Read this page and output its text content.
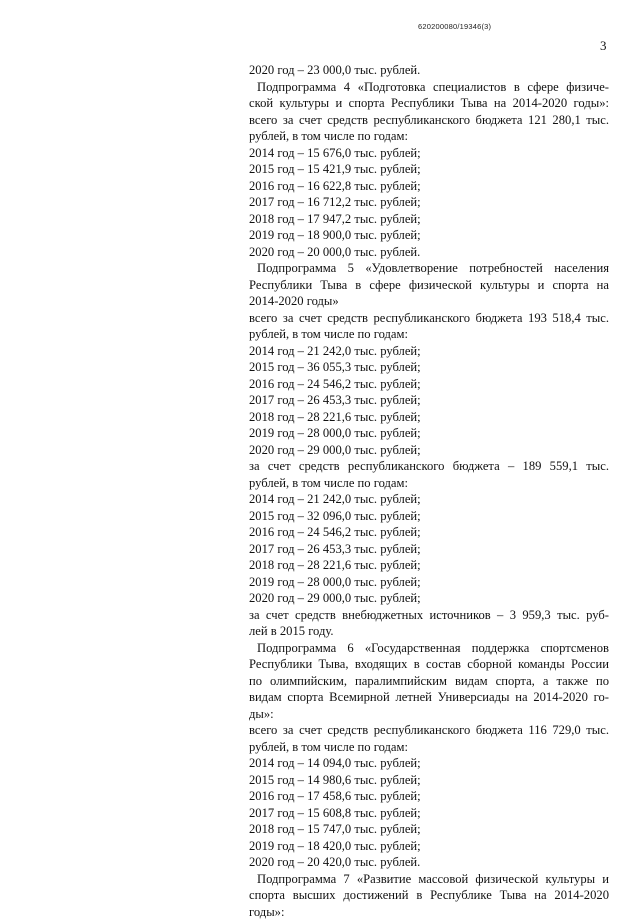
620200080/19346(3)
3
2020 год – 23 000,0 тыс. рублей.
Подпрограмма 4 «Подготовка специалистов в сфере физиче-
ской культуры и спорта Республики Тыва на 2014-2020 годы»:
всего за счет средств республиканского бюджета 121 280,1 тыс.
рублей, в том числе по годам:
2014 год – 15 676,0 тыс. рублей;
2015 год – 15 421,9 тыс. рублей;
2016 год – 16 622,8 тыс. рублей;
2017 год – 16 712,2 тыс. рублей;
2018 год – 17 947,2 тыс. рублей;
2019 год – 18 900,0 тыс. рублей;
2020 год – 20 000,0 тыс. рублей.
Подпрограмма 5 «Удовлетворение потребностей населения
Республики Тыва в сфере физической культуры и спорта на
2014-2020 годы»
всего за счет средств республиканского бюджета 193 518,4 тыс.
рублей, в том числе по годам:
2014 год – 21 242,0 тыс. рублей;
2015 год – 36 055,3 тыс. рублей;
2016 год – 24 546,2 тыс. рублей;
2017 год – 26 453,3 тыс. рублей;
2018 год – 28 221,6 тыс. рублей;
2019 год – 28 000,0 тыс. рублей;
2020 год – 29 000,0 тыс. рублей;
за счет средств республиканского бюджета – 189 559,1 тыс.
рублей, в том числе по годам:
2014 год – 21 242,0 тыс. рублей;
2015 год – 32 096,0 тыс. рублей;
2016 год – 24 546,2 тыс. рублей;
2017 год – 26 453,3 тыс. рублей;
2018 год – 28 221,6 тыс. рублей;
2019 год – 28 000,0 тыс. рублей;
2020 год – 29 000,0 тыс. рублей;
за счет средств внебюджетных источников – 3 959,3 тыс. руб-
лей в 2015 году.
Подпрограмма 6 «Государственная поддержка спортсменов
Республики Тыва, входящих в состав сборной команды России
по олимпийским, паралимпийским видам спорта, а также по
видам спорта Всемирной летней Универсиады на 2014-2020 го-
ды»:
всего за счет средств республиканского бюджета 116 729,0 тыс.
рублей, в том числе по годам:
2014 год – 14 094,0 тыс. рублей;
2015 год – 14 980,6 тыс. рублей;
2016 год – 17 458,6 тыс. рублей;
2017 год – 15 608,8 тыс. рублей;
2018 год – 15 747,0 тыс. рублей;
2019 год – 18 420,0 тыс. рублей;
2020 год – 20 420,0 тыс. рублей.
Подпрограмма 7 «Развитие массовой физической культуры и
спорта высших достижений в Республике Тыва на 2014-2020
годы»:
